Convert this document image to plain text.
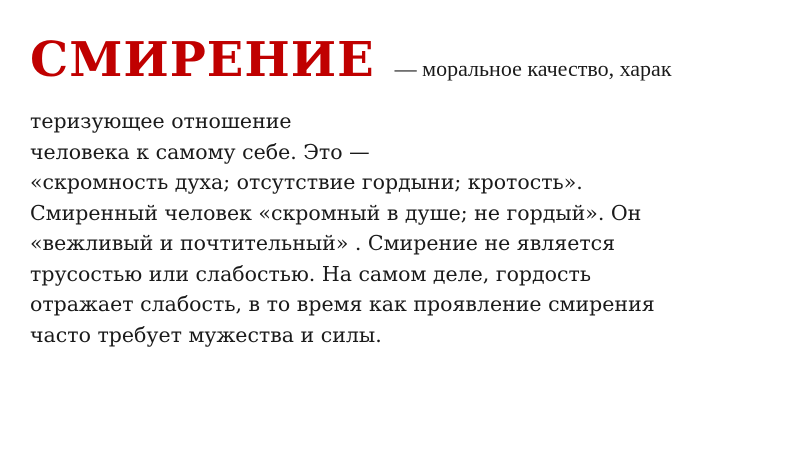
СМИРЕНИЕ — моральное качество, харак
теризующее отношение
человека к самому себе. Это —
«скромность духа; отсутствие гордыни; кротость».
Смиренный человек «скромный в душе; не гордый». Он
«вежливый и почтительный» . Смирение не является
трусостью или слабостью. На самом деле, гордость
отражает слабость, в то время как проявление смирения
часто требует мужества и силы.
